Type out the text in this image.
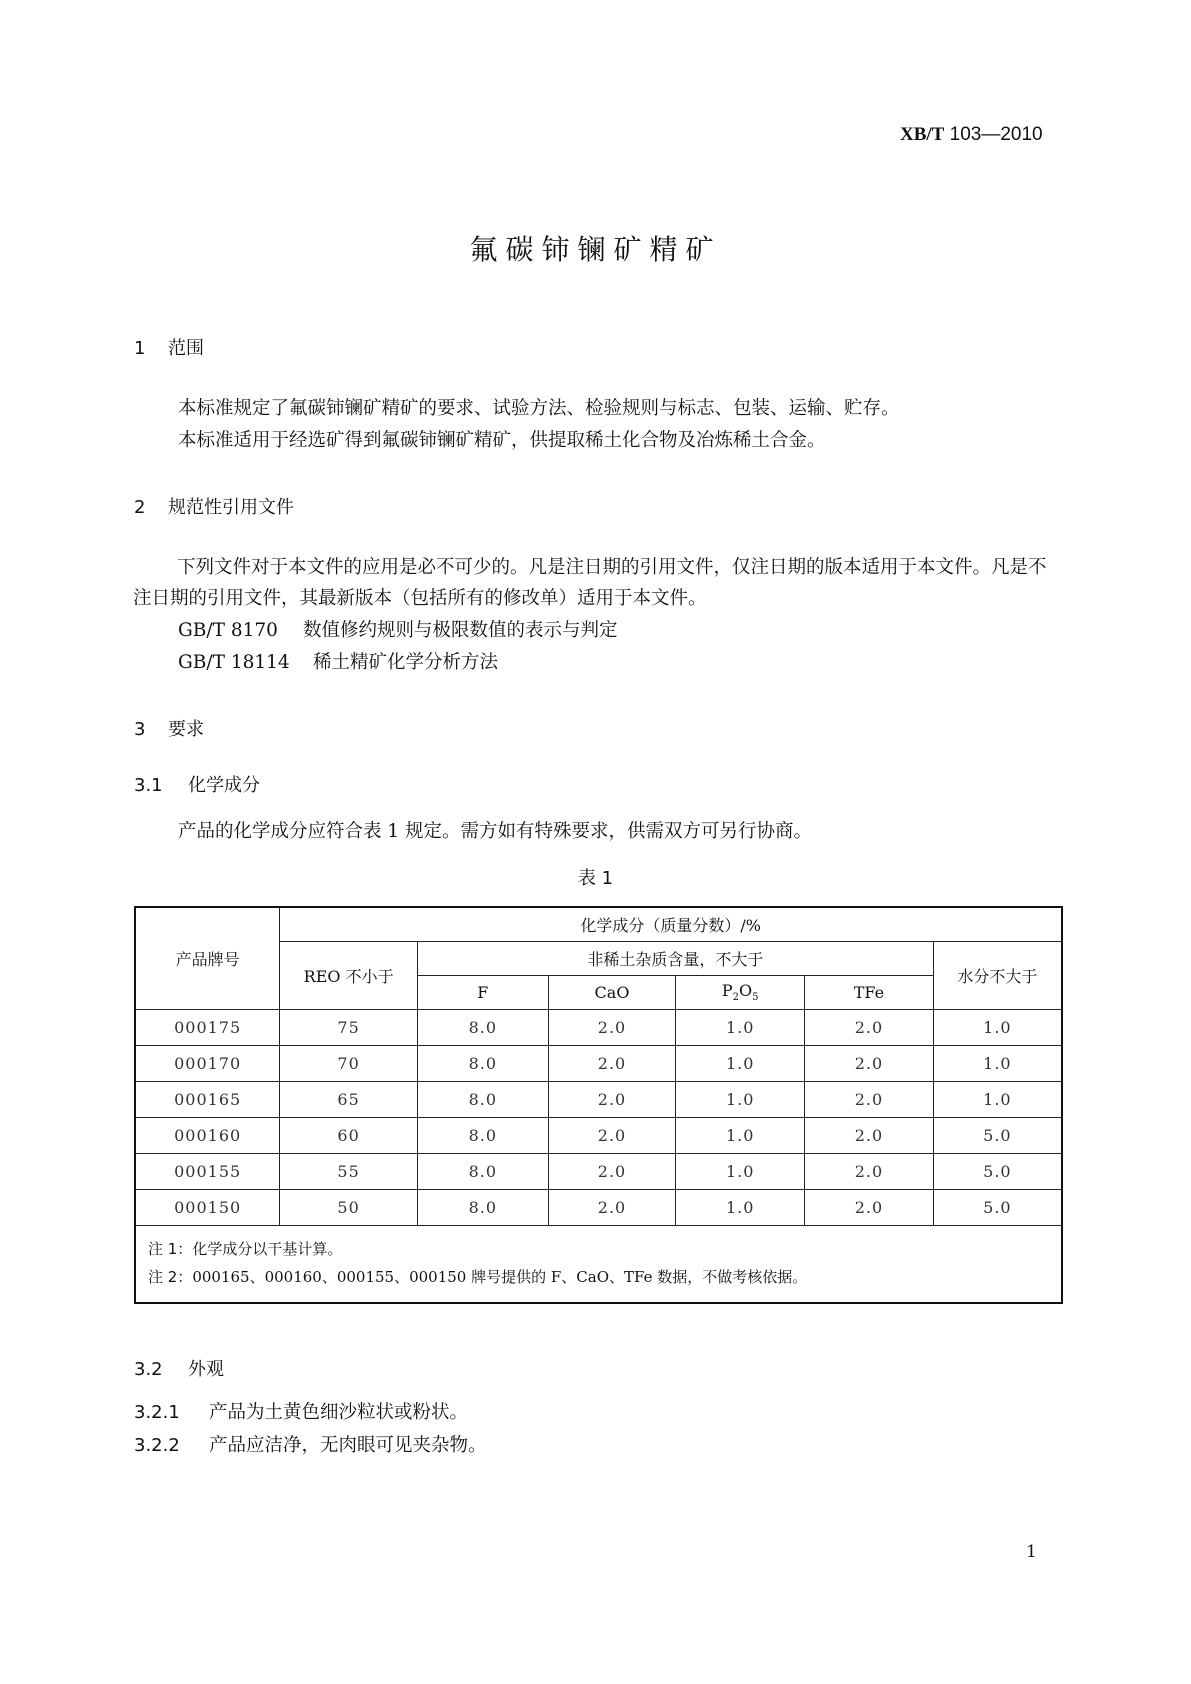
XB/T 103—2010
氟碳铈镧矿精矿
1 范围
本标准规定了氟碳铈镧矿精矿的要求、试验方法、检验规则与标志、包装、运输、贮存。
本标准适用于经选矿得到氟碳铈镧矿精矿，供提取稀土化合物及冶炼稀土合金。
2 规范性引用文件
下列文件对于本文件的应用是必不可少的。凡是注日期的引用文件，仅注日期的版本适用于本文件。凡是不注日期的引用文件，其最新版本（包括所有的修改单）适用于本文件。
GB/T 8170 数值修约规则与极限数值的表示与判定
GB/T 18114 稀土精矿化学分析方法
3 要求
3.1 化学成分
产品的化学成分应符合表 1 规定。需方如有特殊要求，供需双方可另行协商。
表 1
产品牌号	化学成分（质量分数）/%					
	REO 不小于	非稀土杂质含量，不大于				水分不大于
		F	CaO	$P_2O_5$	TFe	
000175	75	8.0	2.0	1.0	2.0	1.0
000170	70	8.0	2.0	1.0	2.0	1.0
000165	65	8.0	2.0	1.0	2.0	1.0
000160	60	8.0	2.0	1.0	2.0	5.0
000155	55	8.0	2.0	1.0	2.0	5.0
000150	50	8.0	2.0	1.0	2.0	5.0

注 1：化学成分以干基计算。
注 2：000165、000160、000155、000150 牌号提供的 F、CaO、TFe 数据，不做考核依据。						
3.2 外观
3.2.1 产品为土黄色细沙粒状或粉状。
3.2.2 产品应洁净，无肉眼可见夹杂物。
1
